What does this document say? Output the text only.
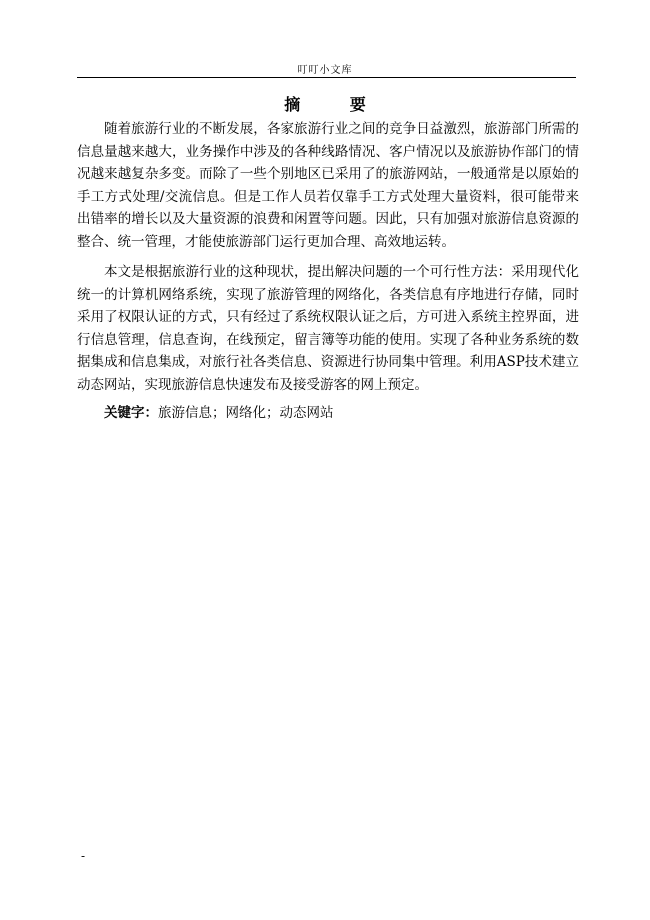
叮叮小文库
摘 要

随着旅游行业的不断发展，各家旅游行业之间的竞争日益激烈，旅游部门所需的信息量越来越大，业务操作中涉及的各种线路情况、客户情况以及旅游协作部门的情况越来越复杂多变。而除了一些个别地区已采用了的旅游网站，一般通常是以原始的手工方式处理/交流信息。但是工作人员若仅靠手工方式处理大量资料，很可能带来出错率的增长以及大量资源的浪费和闲置等问题。因此，只有加强对旅游信息资源的整合、统一管理，才能使旅游部门运行更加合理、高效地运转。

本文是根据旅游行业的这种现状，提出解决问题的一个可行性方法：采用现代化统一的计算机网络系统，实现了旅游管理的网络化，各类信息有序地进行存储，同时采用了权限认证的方式，只有经过了系统权限认证之后，方可进入系统主控界面，进行信息管理，信息查询，在线预定，留言簿等功能的使用。实现了各种业务系统的数据集成和信息集成，对旅行社各类信息、资源进行协同集中管理。利用ASP技术建立动态网站，实现旅游信息快速发布及接受游客的网上预定。

关键字：旅游信息；网络化；动态网站

-
